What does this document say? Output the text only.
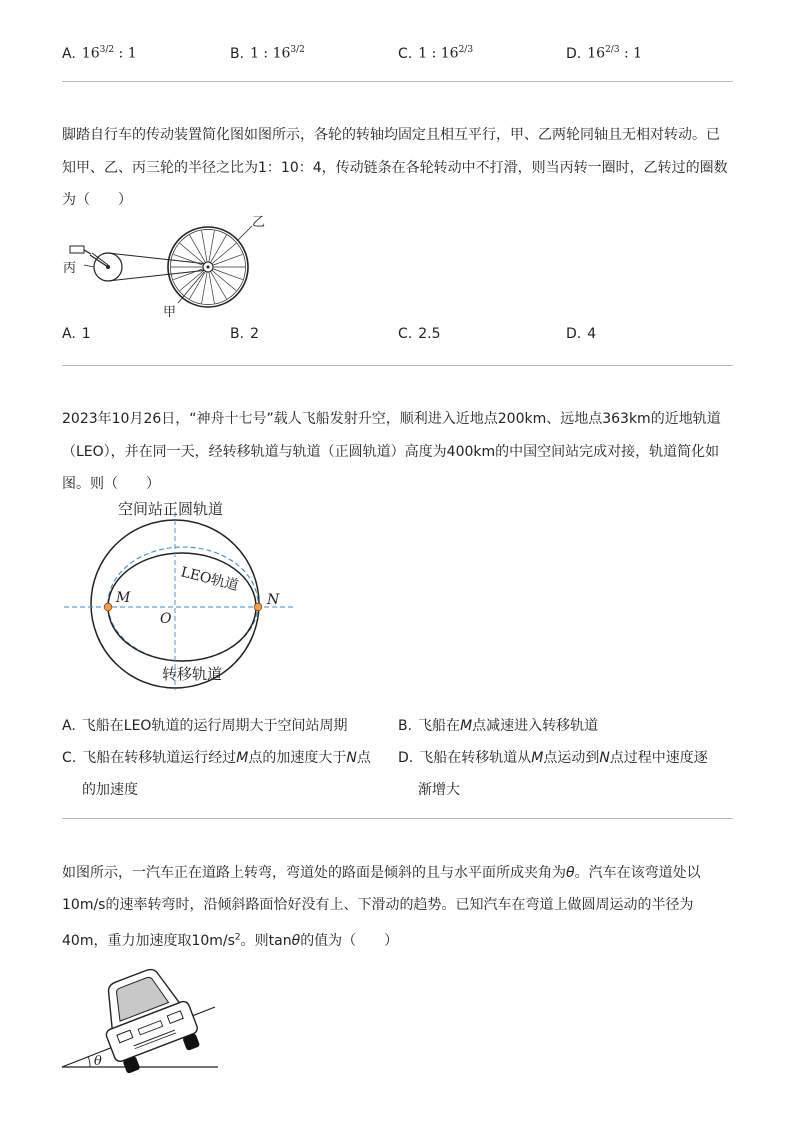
A. $16^{3/2}$ : 1	B. 1 : $16^{3/2}$	C. 1 : $16^{2/3}$	D. $16^{2/3}$ : 1
脚踏自行车的传动装置简化图如图所示，各轮的转轴均固定且相互平行，甲、乙两轮同轴且无相对转动。已
知甲、乙、丙三轮的半径之比为1：10：4，传动链条在各轮转动中不打滑，则当丙转一圈时，乙转过的圈数
为（　　）
乙
丙
甲
A. 1	B. 2	C. 2.5	D. 4
2023年10月26日，“神舟十七号”载人飞船发射升空，顺利进入近地点200km、远地点363km的近地轨道
（LEO），并在同一天，经转移轨道与轨道（正圆轨道）高度为400km的中国空间站完成对接，轨道简化如
图。则（　　）
空间站正圆轨道
LEO轨道
M	N
O
转移轨道
A. 飞船在LEO轨道的运行周期大于空间站周期	B. 飞船在M点减速进入转移轨道
C. 飞船在转移轨道运行经过M点的加速度大于N点
的加速度
D. 飞船在转移轨道从M点运动到N点过程中速度逐
渐增大
如图所示，一汽车正在道路上转弯，弯道处的路面是倾斜的且与水平面所成夹角为θ。汽车在该弯道处以
10m/s的速率转弯时，沿倾斜路面恰好没有上、下滑动的趋势。已知汽车在弯道上做圆周运动的半径为
40m，重力加速度取$10m/s^2$。则tanθ的值为（　　）
θ
